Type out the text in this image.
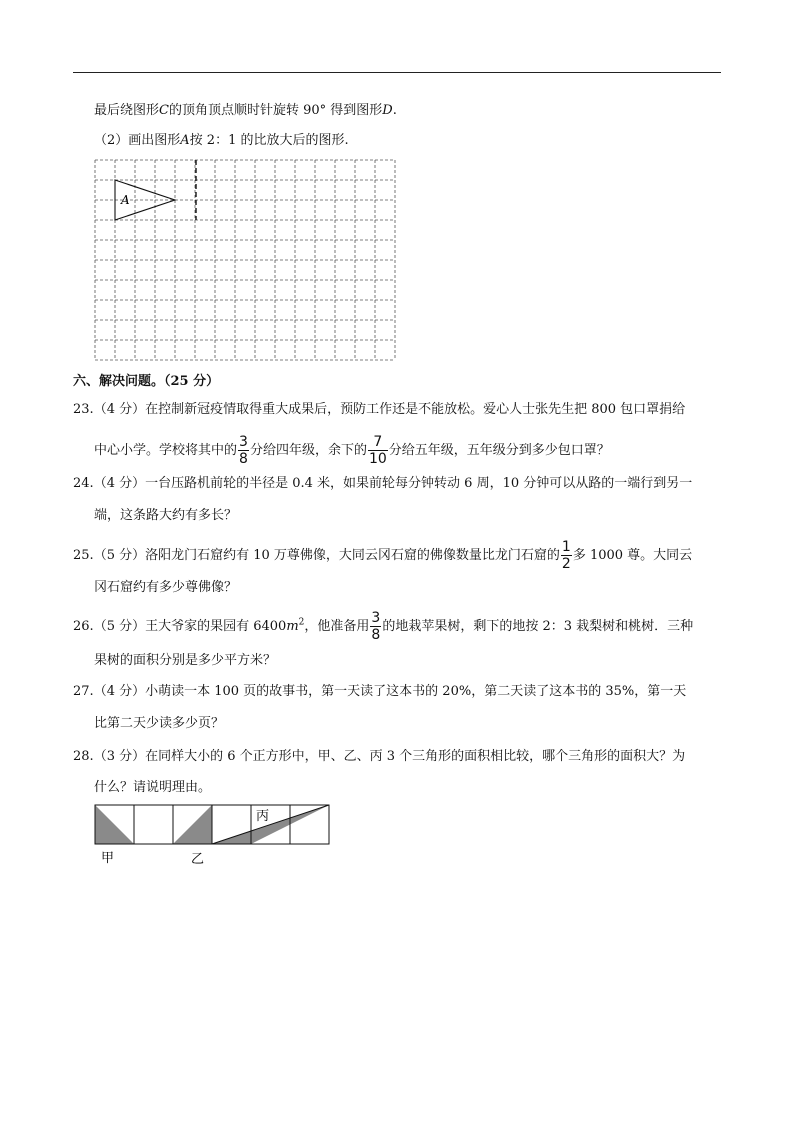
最后绕图形C的顶角顶点顺时针旋转 90° 得到图形D.
（2）画出图形A按 2：1 的比放大后的图形.
A
六、解决问题。（25 分）
23.（4 分）在控制新冠疫情取得重大成果后，预防工作还是不能放松。爱心人士张先生把 800 包口罩捐给
中心小学。学校将其中的 $\frac{3}{8}$ 分给四年级，余下的 $\frac{7}{10}$ 分给五年级，五年级分到多少包口罩？
24.（4 分）一台压路机前轮的半径是 0.4 米，如果前轮每分钟转动 6 周，10 分钟可以从路的一端行到另一
端，这条路大约有多长？
25.（5 分）洛阳龙门石窟约有 10 万尊佛像，大同云冈石窟的佛像数量比龙门石窟的 $\frac{1}{2}$ 多 1000 尊。大同云
冈石窟约有多少尊佛像？
26.（5 分）王大爷家的果园有 $6400m^2$，他准备用 $\frac{3}{8}$ 的地栽苹果树，剩下的地按 2：3 栽梨树和桃树．三种
果树的面积分别是多少平方米？
27.（4 分）小萌读一本 100 页的故事书，第一天读了这本书的 20%，第二天读了这本书的 35%，第一天
比第二天少读多少页？
28.（3 分）在同样大小的 6 个正方形中，甲、乙、丙 3 个三角形的面积相比较，哪个三角形的面积大？为
什么？请说明理由。
丙
甲	乙
